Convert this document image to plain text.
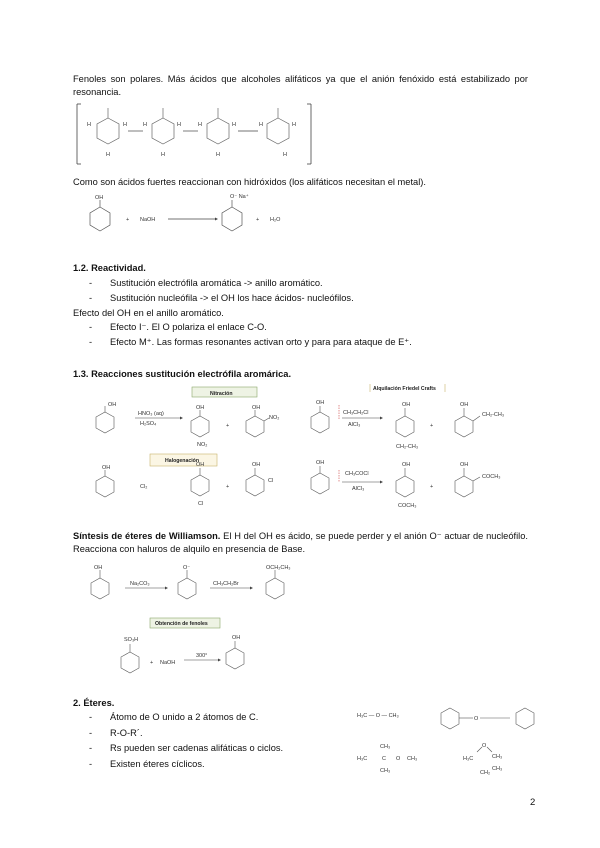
Fenoles son polares. Más ácidos que alcoholes alifáticos ya que el anión fenóxido está estabilizado por resonancia.
H	H
H
H	H
H
H	H
H
H	H
H
Como son ácidos fuertes reaccionan con hidróxidos (los alifáticos necesitan el metal).
OH
+ NaOH
O⁻ Na⁺
+ H₂O
1.2. Reactividad.
- Sustitución electrófila aromática -> anillo aromático.
- Sustitución nucleófila -> el OH los hace ácidos- nucleófilos.
Efecto del OH en el anillo aromático.
- Efecto I⁻. El O polariza el enlace C-O.
- Efecto M⁺. Las formas resonantes activan orto y para para ataque de E⁺.
1.3. Reacciones sustitución electrófila aromárica.
Nitración
OH
HNO₃ (aq)
H₂SO₄
OH
NO₂
+
OH
NO₂
Halogenación
OH
Cl₂
OH
Cl
+
OH
Cl
Alquilación Friedel Crafts
OH
CH₃CH₂Cl
AlCl₃
OH
CH₂-CH₃
+
OH
CH₂-CH₃
OH
CH₃COCl
AlCl₃
OH
COCH₃
+
OH
COCH₃
Síntesis de éteres de Williamson. El H del OH es ácido, se puede perder y el anión O⁻ actuar de nucleófilo. Reacciona con haluros de alquilo en presencia de Base.
OH
Na₂CO₃
O⁻
CH₃CH₂Br
OCH₂CH₃
Obtención de fenoles
SO₃H
+ NaOH
300°
OH
2. Éteres.
- Átomo de O unido a 2 átomos de C.
- R-O-R´.
- Rs pueden ser cadenas alifáticas o ciclos.
- Existen éteres cíclicos.
H₃C — O — CH₃	O
CH₃
H₃C	C O CH₃
CH₃
O
CH₃
H₃C
CH₃
CH₂
2
